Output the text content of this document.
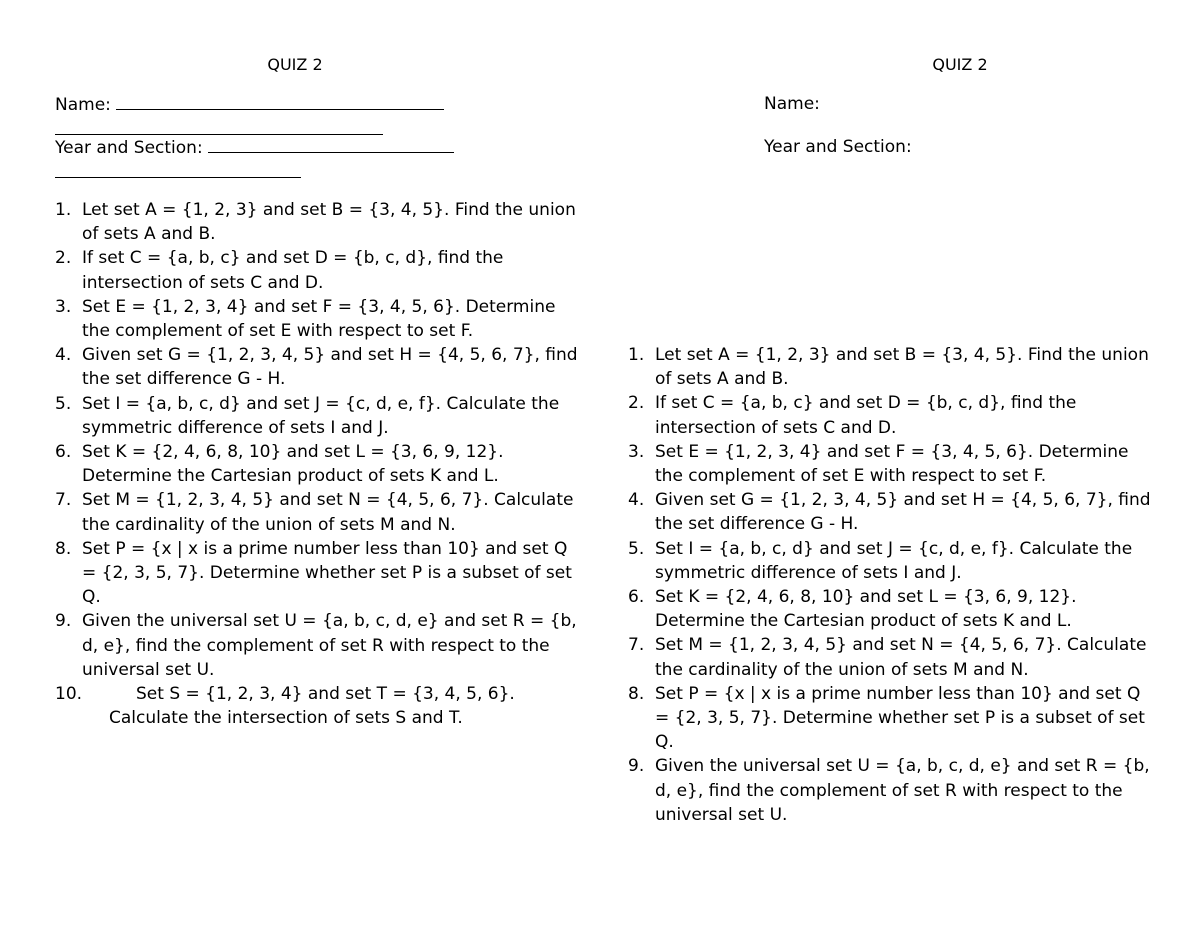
QUIZ 2
Name:
Year and Section:
1. Let set A = {1, 2, 3} and set B = {3, 4, 5}. Find the union of sets A and B.
2. If set C = {a, b, c} and set D = {b, c, d}, find the intersection of sets C and D.
3. Set E = {1, 2, 3, 4} and set F = {3, 4, 5, 6}. Determine the complement of set E with respect to set F.
4. Given set G = {1, 2, 3, 4, 5} and set H = {4, 5, 6, 7}, find the set difference G - H.
5. Set I = {a, b, c, d} and set J = {c, d, e, f}. Calculate the symmetric difference of sets I and J.
6. Set K = {2, 4, 6, 8, 10} and set L = {3, 6, 9, 12}. Determine the Cartesian product of sets K and L.
7. Set M = {1, 2, 3, 4, 5} and set N = {4, 5, 6, 7}. Calculate the cardinality of the union of sets M and N.
8. Set P = {x | x is a prime number less than 10} and set Q = {2, 3, 5, 7}. Determine whether set P is a subset of set Q.
9. Given the universal set U = {a, b, c, d, e} and set R = {b, d, e}, find the complement of set R with respect to the universal set U.
10.	Set S = {1, 2, 3, 4} and set T = {3, 4, 5, 6}. Calculate the intersection of sets S and T.
QUIZ 2
Name:
Year and Section:
1. Let set A = {1, 2, 3} and set B = {3, 4, 5}. Find the union of sets A and B.
2. If set C = {a, b, c} and set D = {b, c, d}, find the intersection of sets C and D.
3. Set E = {1, 2, 3, 4} and set F = {3, 4, 5, 6}. Determine the complement of set E with respect to set F.
4. Given set G = {1, 2, 3, 4, 5} and set H = {4, 5, 6, 7}, find the set difference G - H.
5. Set I = {a, b, c, d} and set J = {c, d, e, f}. Calculate the symmetric difference of sets I and J.
6. Set K = {2, 4, 6, 8, 10} and set L = {3, 6, 9, 12}. Determine the Cartesian product of sets K and L.
7. Set M = {1, 2, 3, 4, 5} and set N = {4, 5, 6, 7}. Calculate the cardinality of the union of sets M and N.
8. Set P = {x | x is a prime number less than 10} and set Q = {2, 3, 5, 7}. Determine whether set P is a subset of set Q.
9. Given the universal set U = {a, b, c, d, e} and set R = {b, d, e}, find the complement of set R with respect to the universal set U.
